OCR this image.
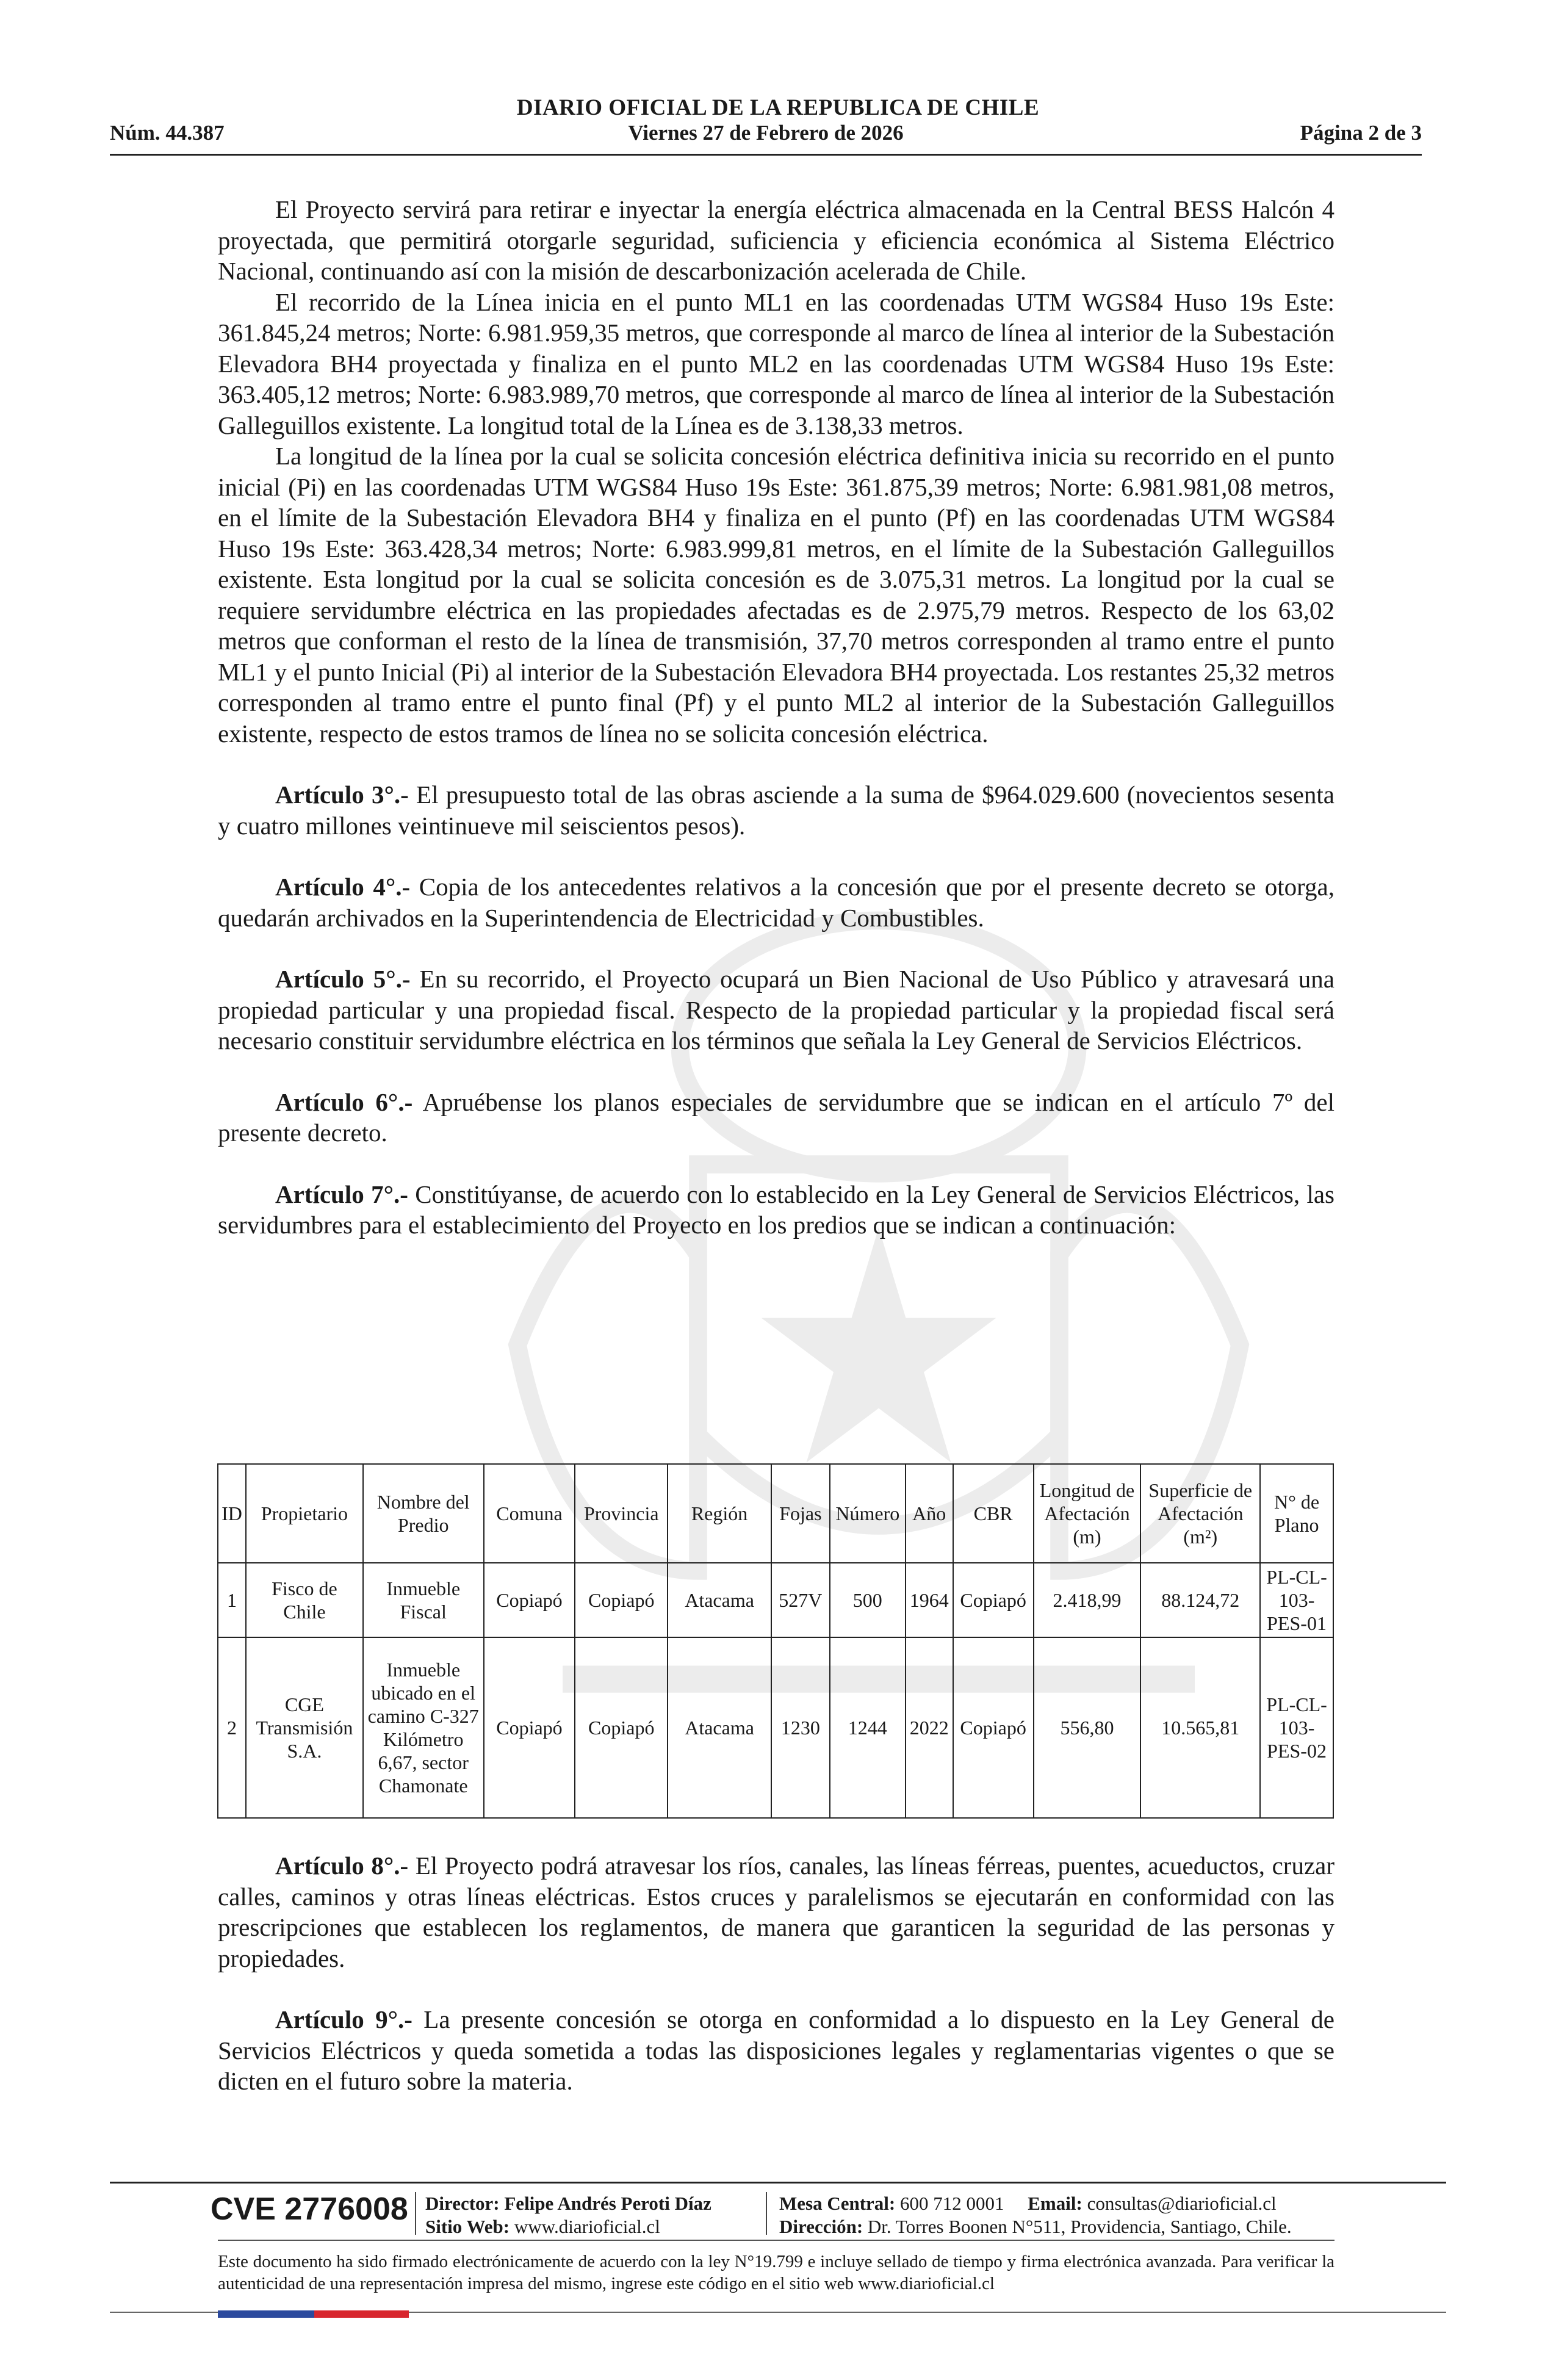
DIARIO OFICIAL DE LA REPUBLICA DE CHILE
Núm. 44.387	Viernes 27 de Febrero de 2026	Página 2 de 3

El Proyecto servirá para retirar e inyectar la energía eléctrica almacenada en la Central BESS Halcón 4 proyectada, que permitirá otorgarle seguridad, suficiencia y eficiencia económica al Sistema Eléctrico Nacional, continuando así con la misión de descarbonización acelerada de Chile.

El recorrido de la Línea inicia en el punto ML1 en las coordenadas UTM WGS84 Huso 19s Este: 361.845,24 metros; Norte: 6.981.959,35 metros, que corresponde al marco de línea al interior de la Subestación Elevadora BH4 proyectada y finaliza en el punto ML2 en las coordenadas UTM WGS84 Huso 19s Este: 363.405,12 metros; Norte: 6.983.989,70 metros, que corresponde al marco de línea al interior de la Subestación Galleguillos existente. La longitud total de la Línea es de 3.138,33 metros.

La longitud de la línea por la cual se solicita concesión eléctrica definitiva inicia su recorrido en el punto inicial (Pi) en las coordenadas UTM WGS84 Huso 19s Este: 361.875,39 metros; Norte: 6.981.981,08 metros, en el límite de la Subestación Elevadora BH4 y finaliza en el punto (Pf) en las coordenadas UTM WGS84 Huso 19s Este: 363.428,34 metros; Norte: 6.983.999,81 metros, en el límite de la Subestación Galleguillos existente. Esta longitud por la cual se solicita concesión es de 3.075,31 metros. La longitud por la cual se requiere servidumbre eléctrica en las propiedades afectadas es de 2.975,79 metros. Respecto de los 63,02 metros que conforman el resto de la línea de transmisión, 37,70 metros corresponden al tramo entre el punto ML1 y el punto Inicial (Pi) al interior de la Subestación Elevadora BH4 proyectada. Los restantes 25,32 metros corresponden al tramo entre el punto final (Pf) y el punto ML2 al interior de la Subestación Galleguillos existente, respecto de estos tramos de línea no se solicita concesión eléctrica.

Artículo 3°.- El presupuesto total de las obras asciende a la suma de $964.029.600 (novecientos sesenta y cuatro millones veintinueve mil seiscientos pesos).

Artículo 4°.- Copia de los antecedentes relativos a la concesión que por el presente decreto se otorga, quedarán archivados en la Superintendencia de Electricidad y Combustibles.

Artículo 5°.- En su recorrido, el Proyecto ocupará un Bien Nacional de Uso Público y atravesará una propiedad particular y una propiedad fiscal. Respecto de la propiedad particular y la propiedad fiscal será necesario constituir servidumbre eléctrica en los términos que señala la Ley General de Servicios Eléctricos.

Artículo 6°.- Apruébense los planos especiales de servidumbre que se indican en el artículo 7º del presente decreto.

Artículo 7°.- Constitúyanse, de acuerdo con lo establecido en la Ley General de Servicios Eléctricos, las servidumbres para el establecimiento del Proyecto en los predios que se indican a continuación:

ID	Propietario	Nombre del Predio	Comuna	Provincia	Región	Fojas	Número	Año	CBR	Longitud de Afectación (m)	Superficie de Afectación (m²)	N° de Plano
1	Fisco de Chile	Inmueble Fiscal	Copiapó	Copiapó	Atacama	527V	500	1964	Copiapó	2.418,99	88.124,72	PL-CL-103-PES-01
2	CGE Transmisión S.A.	Inmueble ubicado en el camino C-327 Kilómetro 6,67, sector Chamonate	Copiapó	Copiapó	Atacama	1230	1244	2022	Copiapó	556,80	10.565,81	PL-CL-103-PES-02

Artículo 8°.- El Proyecto podrá atravesar los ríos, canales, las líneas férreas, puentes, acueductos, cruzar calles, caminos y otras líneas eléctricas. Estos cruces y paralelismos se ejecutarán en conformidad con las prescripciones que establecen los reglamentos, de manera que garanticen la seguridad de las personas y propiedades.

Artículo 9°.- La presente concesión se otorga en conformidad a lo dispuesto en la Ley General de Servicios Eléctricos y queda sometida a todas las disposiciones legales y reglamentarias vigentes o que se dicten en el futuro sobre la materia.

CVE 2776008 Director: Felipe Andrés Peroti Díaz
Sitio Web: www.diarioficial.cl
Mesa Central: 600 712 0001 Email: consultas@diarioficial.cl
Dirección: Dr. Torres Boonen N°511, Providencia, Santiago, Chile.
Este documento ha sido firmado electrónicamente de acuerdo con la ley N°19.799 e incluye sellado de tiempo y firma electrónica avanzada. Para verificar la autenticidad de una representación impresa del mismo, ingrese este código en el sitio web www.diarioficial.cl
